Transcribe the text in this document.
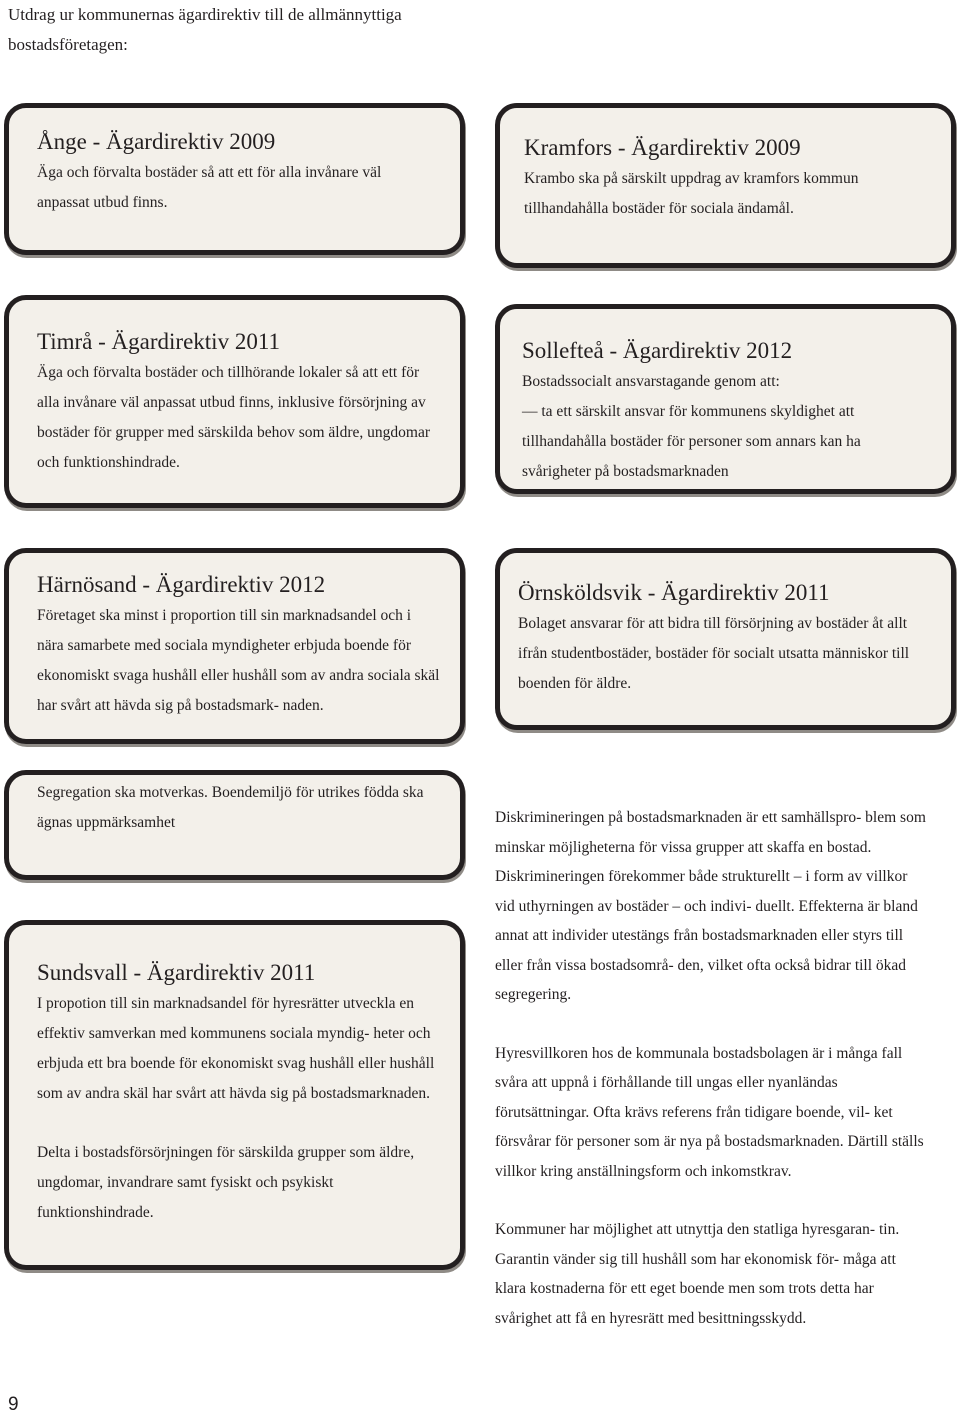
Utdrag ur kommunernas ägardirektiv till de allmännyttiga bostadsföretagen:
Ånge - Ägardirektiv 2009

Äga och förvalta bostäder så att ett för alla invånare väl anpassat utbud finns.

Kramfors - Ägardirektiv 2009

Krambo ska på särskilt uppdrag av kramfors kommun tillhandahålla bostäder för sociala ändamål.

Timrå - Ägardirektiv 2011

Äga och förvalta bostäder och tillhörande lokaler så att ett för alla invånare väl anpassat utbud finns, inklusive försörjning av bostäder för grupper med särskilda behov som äldre, ungdomar och funktionshindrade.

Sollefteå - Ägardirektiv 2012

Bostadssocialt ansvarstagande genom att:

— ta ett särskilt ansvar för kommunens skyldighet att tillhandahålla bostäder för personer som annars kan ha svårigheter på bostadsmarknaden

Härnösand - Ägardirektiv 2012

Företaget ska minst i proportion till sin marknadsandel och i nära samarbete med sociala myndigheter erbjuda boende för ekonomiskt svaga hushåll eller hushåll som av andra sociala skäl har svårt att hävda sig på bostadsmark- naden.

Örnsköldsvik - Ägardirektiv 2011

Bolaget ansvarar för att bidra till försörjning av bostäder åt allt ifrån studentbostäder, bostäder för socialt utsatta människor till boenden för äldre.

Segregation ska motverkas. Boendemiljö för utrikes födda ska ägnas uppmärksamhet

Sundsvall - Ägardirektiv 2011

I propotion till sin marknadsandel för hyresrätter utveckla en effektiv samverkan med kommunens sociala myndig- heter och erbjuda ett bra boende för ekonomiskt svag hushåll eller hushåll som av andra skäl har svårt att hävda sig på bostadsmarknaden.

Delta i bostadsförsörjningen för särskilda grupper som äldre, ungdomar, invandrare samt fysiskt och psykiskt funktionshindrade.

Diskrimineringen på bostadsmarknaden är ett samhällspro- blem som minskar möjligheterna för vissa grupper att skaffa en bostad. Diskrimineringen förekommer både strukturellt – i form av villkor vid uthyrningen av bostäder – och indivi- duellt. Effekterna är bland annat att individer utestängs från bostadsmarknaden eller styrs till eller från vissa bostadsområ- den, vilket ofta också bidrar till ökad segregering.

Hyresvillkoren hos de kommunala bostadsbolagen är i många fall svåra att uppnå i förhållande till ungas eller nyanländas förutsättningar. Ofta krävs referens från tidigare boende, vil- ket försvårar för personer som är nya på bostadsmarknaden. Därtill ställs villkor kring anställningsform och inkomstkrav.

Kommuner har möjlighet att utnyttja den statliga hyresgaran- tin. Garantin vänder sig till hushåll som har ekonomisk för- måga att klara kostnaderna för ett eget boende men som trots detta har svårighet att få en hyresrätt med besittningsskydd.

9
